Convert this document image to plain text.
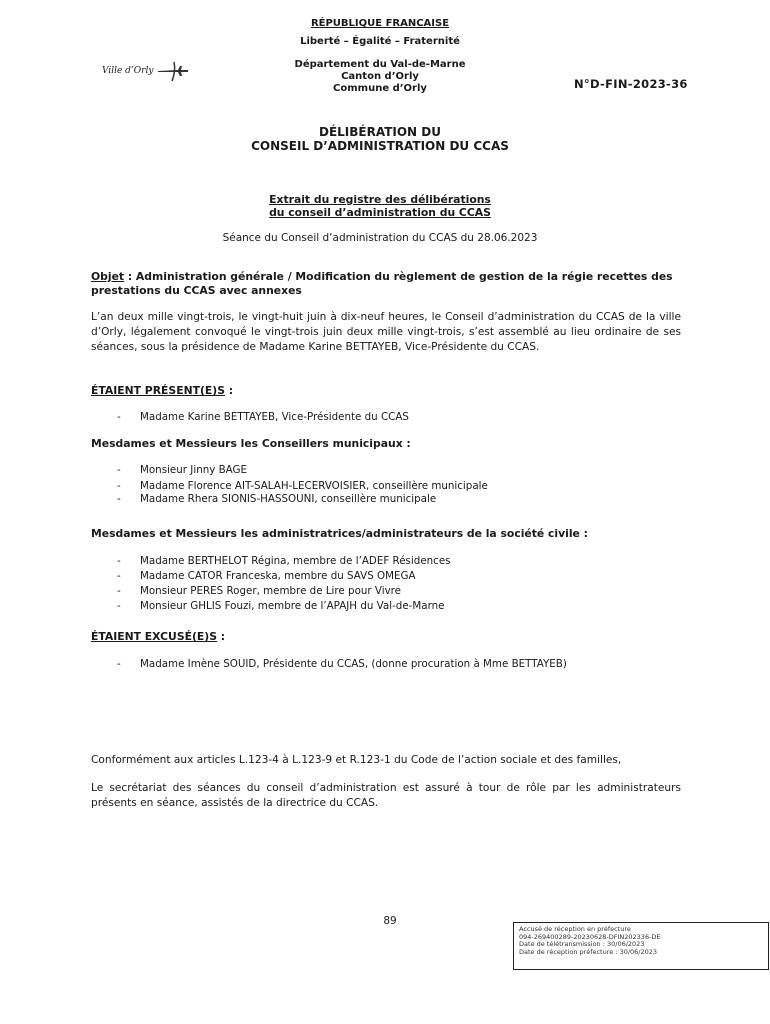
RÉPUBLIQUE FRANCAISE
Liberté – Égalité – Fraternité
Département du Val-de-Marne
Canton d’Orly
Commune d’Orly
Ville d’Orly
N°D-FIN-2023-36
DÉLIBÉRATION DU
CONSEIL D’ADMINISTRATION DU CCAS
Extrait du registre des délibérations
du conseil d’administration du CCAS
Séance du Conseil d’administration du CCAS du 28.06.2023
Objet : Administration générale / Modification du règlement de gestion de la régie recettes des prestations du CCAS avec annexes
L’an deux mille vingt-trois, le vingt-huit juin à dix-neuf heures, le Conseil d’administration du CCAS de la ville d’Orly, légalement convoqué le vingt-trois juin deux mille vingt-trois, s’est assemblé au lieu ordinaire de ses séances, sous la présidence de Madame Karine BETTAYEB, Vice-Présidente du CCAS.
ÉTAIENT PRÉSENT(E)S :
- Madame Karine BETTAYEB, Vice-Présidente du CCAS
Mesdames et Messieurs les Conseillers municipaux :
- Monsieur Jinny BAGE
- Madame Florence AIT-SALAH-LECERVOISIER, conseillère municipale
- Madame Rhera SIONIS-HASSOUNI, conseillère municipale
Mesdames et Messieurs les administratrices/administrateurs de la société civile :
- Madame BERTHELOT Régina, membre de l’ADEF Résidences
- Madame CATOR Franceska, membre du SAVS OMEGA
- Monsieur PERES Roger, membre de Lire pour Vivre
- Monsieur GHLIS Fouzi, membre de l’APAJH du Val-de-Marne
ÉTAIENT EXCUSÉ(E)S :
- Madame Imène SOUID, Présidente du CCAS, (donne procuration à Mme BETTAYEB)
Conformément aux articles L.123-4 à L.123-9 et R.123-1 du Code de l’action sociale et des familles,
Le secrétariat des séances du conseil d’administration est assuré à tour de rôle par les administrateurs présents en séance, assistés de la directrice du CCAS.
89
Accusé de réception en préfecture
094-269400289-20230628-DFIN202336-DE
Date de télétransmission : 30/06/2023
Date de réception préfecture : 30/06/2023
